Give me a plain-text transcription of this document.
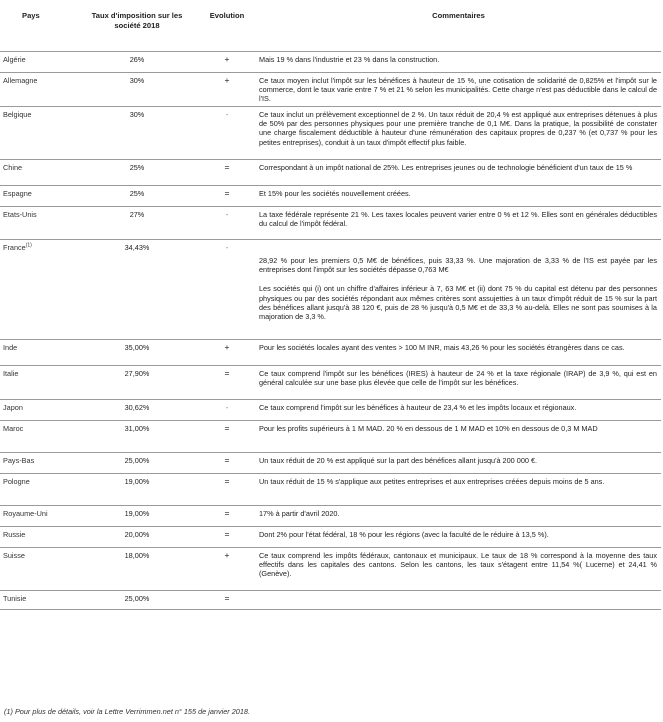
Pays	Taux d'imposition sur les société 2018	Evolution	Commentaires
Algérie	26%	+	Mais 19 % dans l'industrie et 23 % dans la construction.

Allemagne	30%	+	Ce taux moyen inclut l'impôt sur les bénéfices à hauteur de 15 %, une cotisation de solidarité de 0,825% et l'impôt sur le commerce, dont le taux varie entre 7 % et 21 % selon les municipalités. Cette charge n'est pas déductible dans le calcul de l'IS.

Belgique	30%	-	Ce taux inclut un prélèvement exceptionnel de 2 %. Un taux réduit de 20,4 % est appliqué aux entreprises détenues à plus de 50% par des personnes physiques pour une première tranche de 0,1 M€. Dans la pratique, la possibilité de constater une charge fiscalement déductible à hauteur d'une rémunération des capitaux propres de 0,237 % (et 0,737 % pour les petites entreprises), conduit à un taux d'impôt effectif plus faible.

Chine	25%	=	Correspondant à un impôt national de 25%. Les entreprises jeunes ou de technologie bénéficient d'un taux de 15 %

Espagne	25%	=	Et 15% pour les sociétés nouvellement créées.

Etats-Unis	27%	-	La taxe fédérale représente 21 %. Les taxes locales peuvent varier entre 0 % et 12 %. Elles sont en générales déductibles du calcul de l'impôt fédéral.

France$^{(1)}$	34,43%	-	28,92 % pour les premiers 0,5 M€ de bénéfices, puis 33,33 %. Une majoration de 3,33 % de l'IS est payée par les entreprises dont l'impôt sur les sociétés dépasse 0,763 M€
Les sociétés qui (i) ont un chiffre d'affaires inférieur à 7, 63 M€ et (ii) dont 75 % du capital est détenu par des personnes physiques ou par des sociétés répondant aux mêmes critères sont assujetties à un taux d'impôt réduit de 15 % sur la part des bénéfices allant jusqu'à 38 120 €, puis de 28 % jusqu'à 0,5 M€ et de 33,3 % au-delà. Elles ne sont pas soumises à la majoration de 3,3 %.

Inde	35,00%	+	Pour les sociétés locales ayant des ventes > 100 M INR, mais 43,26 % pour les sociétés étrangères dans ce cas.

Italie	27,90%	=	Ce taux comprend l'impôt sur les bénéfices (IRES) à hauteur de 24 % et la taxe régionale (IRAP) de 3,9 %, qui est en général calculée sur une base plus élevée que celle de l'impôt sur les bénéfices.

Japon	30,62%	-	Ce taux comprend l'impôt sur les bénéfices à hauteur de 23,4 % et les impôts locaux et régionaux.

Maroc	31,00%	=	Pour les profits supérieurs à 1 M MAD. 20 % en dessous de 1 M MAD et 10% en dessous de 0,3 M MAD

Pays-Bas	25,00%	=	Un taux réduit de 20 % est appliqué sur la part des bénéfices allant jusqu'à 200 000 €.

Pologne	19,00%	=	Un taux réduit de 15 % s'applique aux petites entreprises et aux entreprises créées depuis moins de 5 ans.

Royaume-Uni	19,00%	=	17% à partir d'avril 2020.

Russie	20,00%	=	Dont 2% pour l'état fédéral, 18 % pour les régions (avec la faculté de le réduire à 13,5 %).

Suisse	18,00%	+	Ce taux comprend les impôts fédéraux, cantonaux et municipaux. Le taux de 18 % correspond à la moyenne des taux effectifs dans les capitales des cantons. Selon les cantons, les taux s'étagent entre 11,54 %( Lucerne) et 24,41 % (Genève).

Tunisie	25,00%	=	
(1) Pour plus de détails, voir la Lettre Verrimmen.net n° 155 de janvier 2018.
